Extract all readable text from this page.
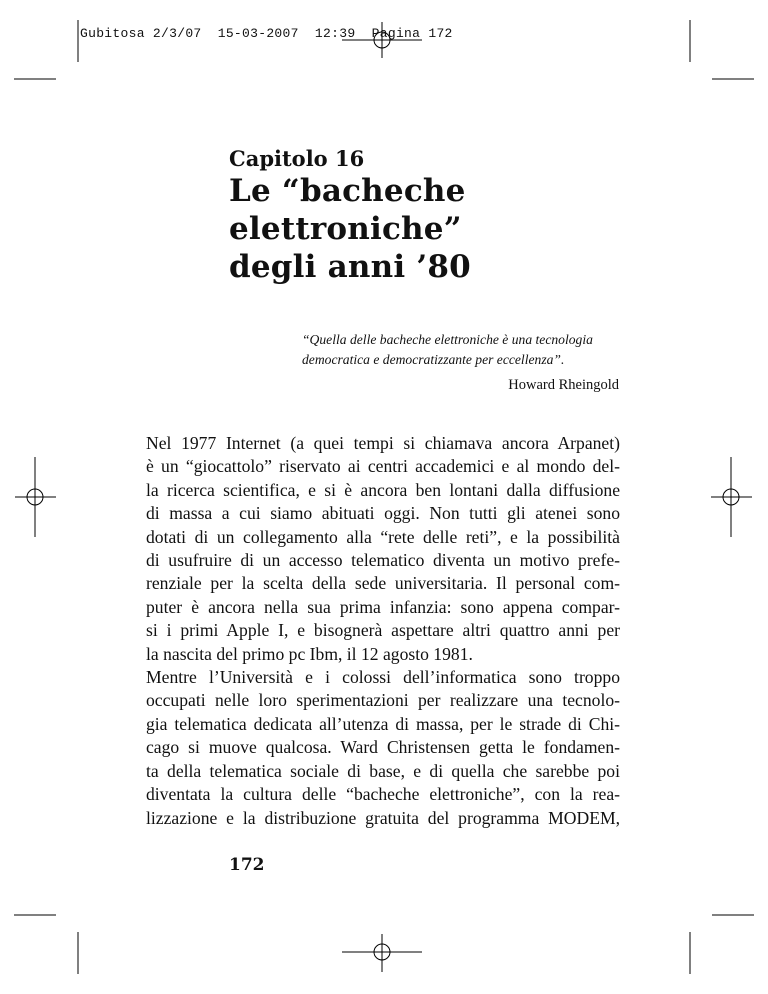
Gubitosa 2/3/07  15-03-2007  12:39  Pagina 172
Capitolo 16
Le “bacheche
elettroniche”
degli anni ’80
“Quella delle bacheche elettroniche è una tecnologia
democratica e democratizzante per eccellenza”.
Howard Rheingold
Nel 1977 Internet (a quei tempi si chiamava ancora Arpanet)
è un “giocattolo” riservato ai centri accademici e al mondo del-
la ricerca scientifica, e si è ancora ben lontani dalla diffusione
di massa a cui siamo abituati oggi. Non tutti gli atenei sono
dotati di un collegamento alla “rete delle reti”, e la possibilità
di usufruire di un accesso telematico diventa un motivo prefe-
renziale per la scelta della sede universitaria. Il personal com-
puter è ancora nella sua prima infanzia: sono appena compar-
si i primi Apple I, e bisognerà aspettare altri quattro anni per
la nascita del primo pc Ibm, il 12 agosto 1981.
Mentre l’Università e i colossi dell’informatica sono troppo
occupati nelle loro sperimentazioni per realizzare una tecnolo-
gia telematica dedicata all’utenza di massa, per le strade di Chi-
cago si muove qualcosa. Ward Christensen getta le fondamen-
ta della telematica sociale di base, e di quella che sarebbe poi
diventata la cultura delle “bacheche elettroniche”, con la rea-
lizzazione e la distribuzione gratuita del programma MODEM,
172
